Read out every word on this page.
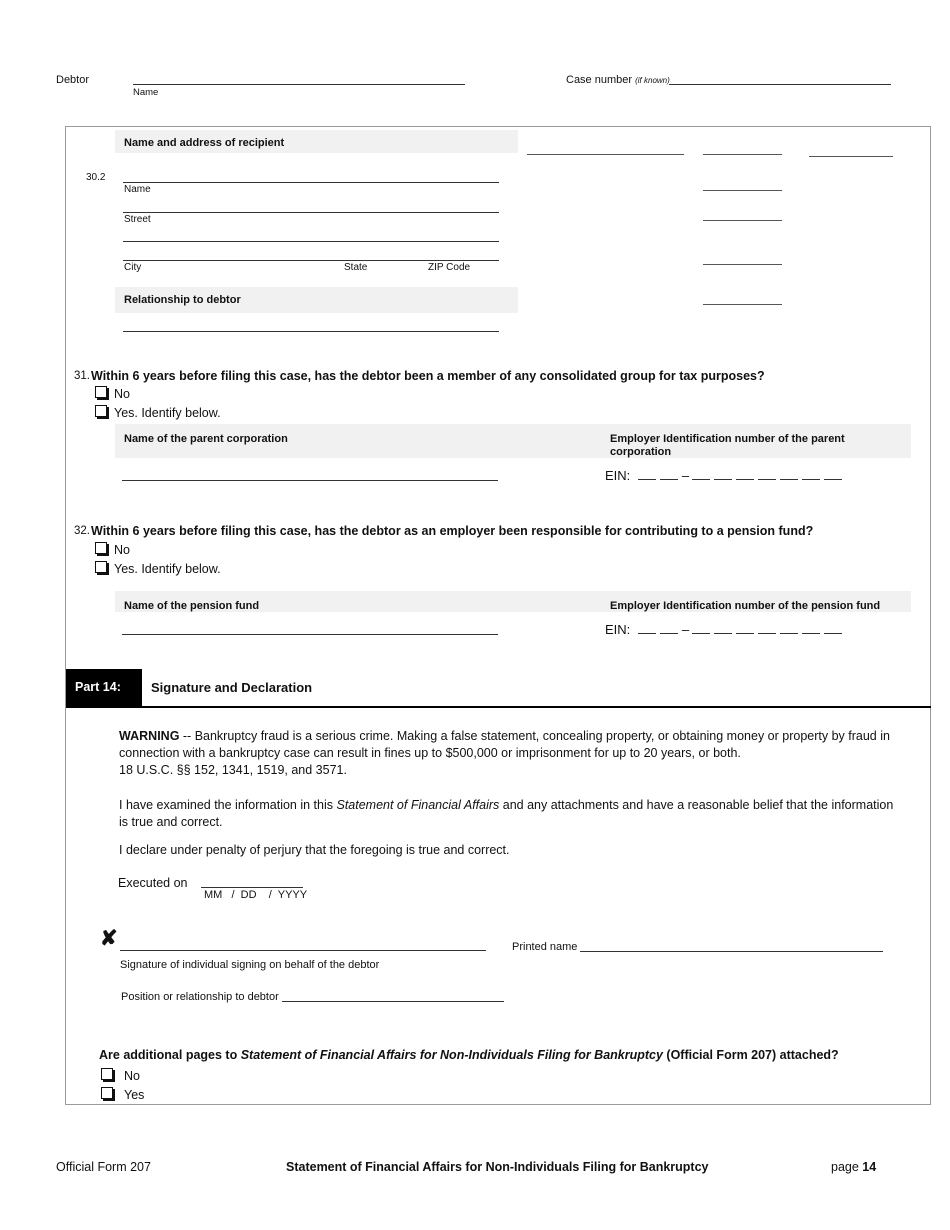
Debtor
Name
Case number (if known)
Name and address of recipient
30.2
Name
Street
City	State	ZIP Code
Relationship to debtor
31. Within 6 years before filing this case, has the debtor been a member of any consolidated group for tax purposes?
No
Yes. Identify below.
Name of the parent corporation	Employer Identification number of the parent corporation
EIN:	–
32. Within 6 years before filing this case, has the debtor as an employer been responsible for contributing to a pension fund?
No
Yes. Identify below.
Name of the pension fund	Employer Identification number of the pension fund
EIN:	–
Part 14: Signature and Declaration
WARNING -- Bankruptcy fraud is a serious crime. Making a false statement, concealing property, or obtaining money or property by fraud in connection with a bankruptcy case can result in fines up to $500,000 or imprisonment for up to 20 years, or both.
18 U.S.C. §§ 152, 1341, 1519, and 3571.
I have examined the information in this Statement of Financial Affairs and any attachments and have a reasonable belief that the information is true and correct.
I declare under penalty of perjury that the foregoing is true and correct.
Executed on
MM   /  DD    /  YYYY
✘
Signature of individual signing on behalf of the debtor
Printed name
Position or relationship to debtor
Are additional pages to Statement of Financial Affairs for Non-Individuals Filing for Bankruptcy (Official Form 207) attached?
No
Yes
Official Form 207	Statement of Financial Affairs for Non-Individuals Filing for Bankruptcy	page 14
